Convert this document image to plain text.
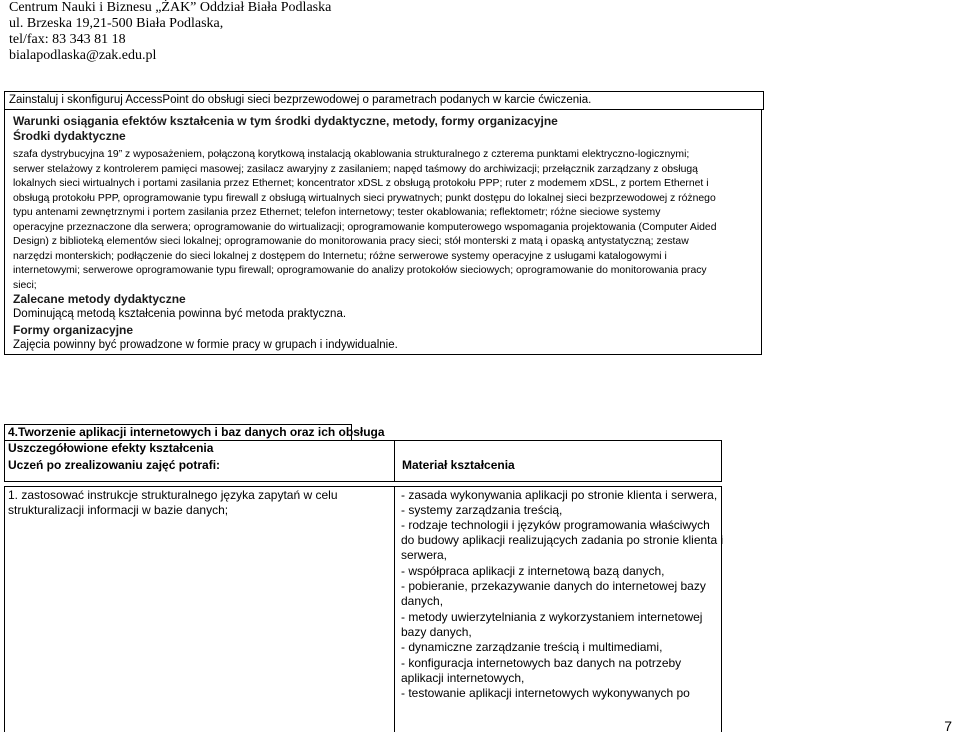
Centrum Nauki i Biznesu „ŻAK” Oddział Biała Podlaska
ul. Brzeska 19,21-500 Biała Podlaska,
tel/fax: 83 343 81 18
bialapodlaska@zak.edu.pl
Zainstaluj i skonfiguruj AccessPoint do obsługi sieci bezprzewodowej o parametrach podanych w karcie ćwiczenia.
Warunki osiągania efektów kształcenia w tym środki dydaktyczne, metody, formy organizacyjne
Środki dydaktyczne
szafa dystrybucyjna 19” z wyposażeniem, połączoną korytkową instalacją okablowania strukturalnego z czterema punktami elektryczno-logicznymi;
serwer stelażowy z kontrolerem pamięci masowej; zasilacz awaryjny z zasilaniem; napęd taśmowy do archiwizacji; przełącznik zarządzany z obsługą
lokalnych sieci wirtualnych i portami zasilania przez Ethernet; koncentrator xDSL z obsługą protokołu PPP; ruter z modemem xDSL, z portem Ethernet i
obsługą protokołu PPP, oprogramowanie typu firewall z obsługą wirtualnych sieci prywatnych; punkt dostępu do lokalnej sieci bezprzewodowej z różnego
typu antenami zewnętrznymi i portem zasilania przez Ethernet; telefon internetowy; tester okablowania; reflektometr; różne sieciowe systemy
operacyjne przeznaczone dla serwera; oprogramowanie do wirtualizacji; oprogramowanie komputerowego wspomagania projektowania (Computer Aided
Design) z biblioteką elementów sieci lokalnej; oprogramowanie do monitorowania pracy sieci; stół monterski z matą i opaską antystatyczną; zestaw
narzędzi monterskich; podłączenie do sieci lokalnej z dostępem do Internetu; różne serwerowe systemy operacyjne z usługami katalogowymi i
internetowymi; serwerowe oprogramowanie typu firewall; oprogramowanie do analizy protokołów sieciowych; oprogramowanie do monitorowania pracy
sieci;
Zalecane metody dydaktyczne
Dominującą metodą kształcenia powinna być metoda praktyczna.
Formy organizacyjne
Zajęcia powinny być prowadzone w formie pracy w grupach i indywidualnie.
4.Tworzenie aplikacji internetowych i baz danych oraz ich obsługa
Uszczegółowione efekty kształcenia
Uczeń po zrealizowaniu zajęć potrafi:	Materiał kształcenia
1. zastosować instrukcje strukturalnego języka zapytań w celu
strukturalizacji informacji w bazie danych;
- zasada wykonywania aplikacji po stronie klienta i serwera,
- systemy zarządzania treścią,
- rodzaje technologii i języków programowania właściwych
do budowy aplikacji realizujących zadania po stronie klienta i
serwera,
- współpraca aplikacji z internetową bazą danych,
- pobieranie, przekazywanie danych do internetowej bazy
danych,
- metody uwierzytelniania z wykorzystaniem internetowej
bazy danych,
- dynamiczne zarządzanie treścią i multimediami,
- konfiguracja internetowych baz danych na potrzeby
aplikacji internetowych,
- testowanie aplikacji internetowych wykonywanych po
7
